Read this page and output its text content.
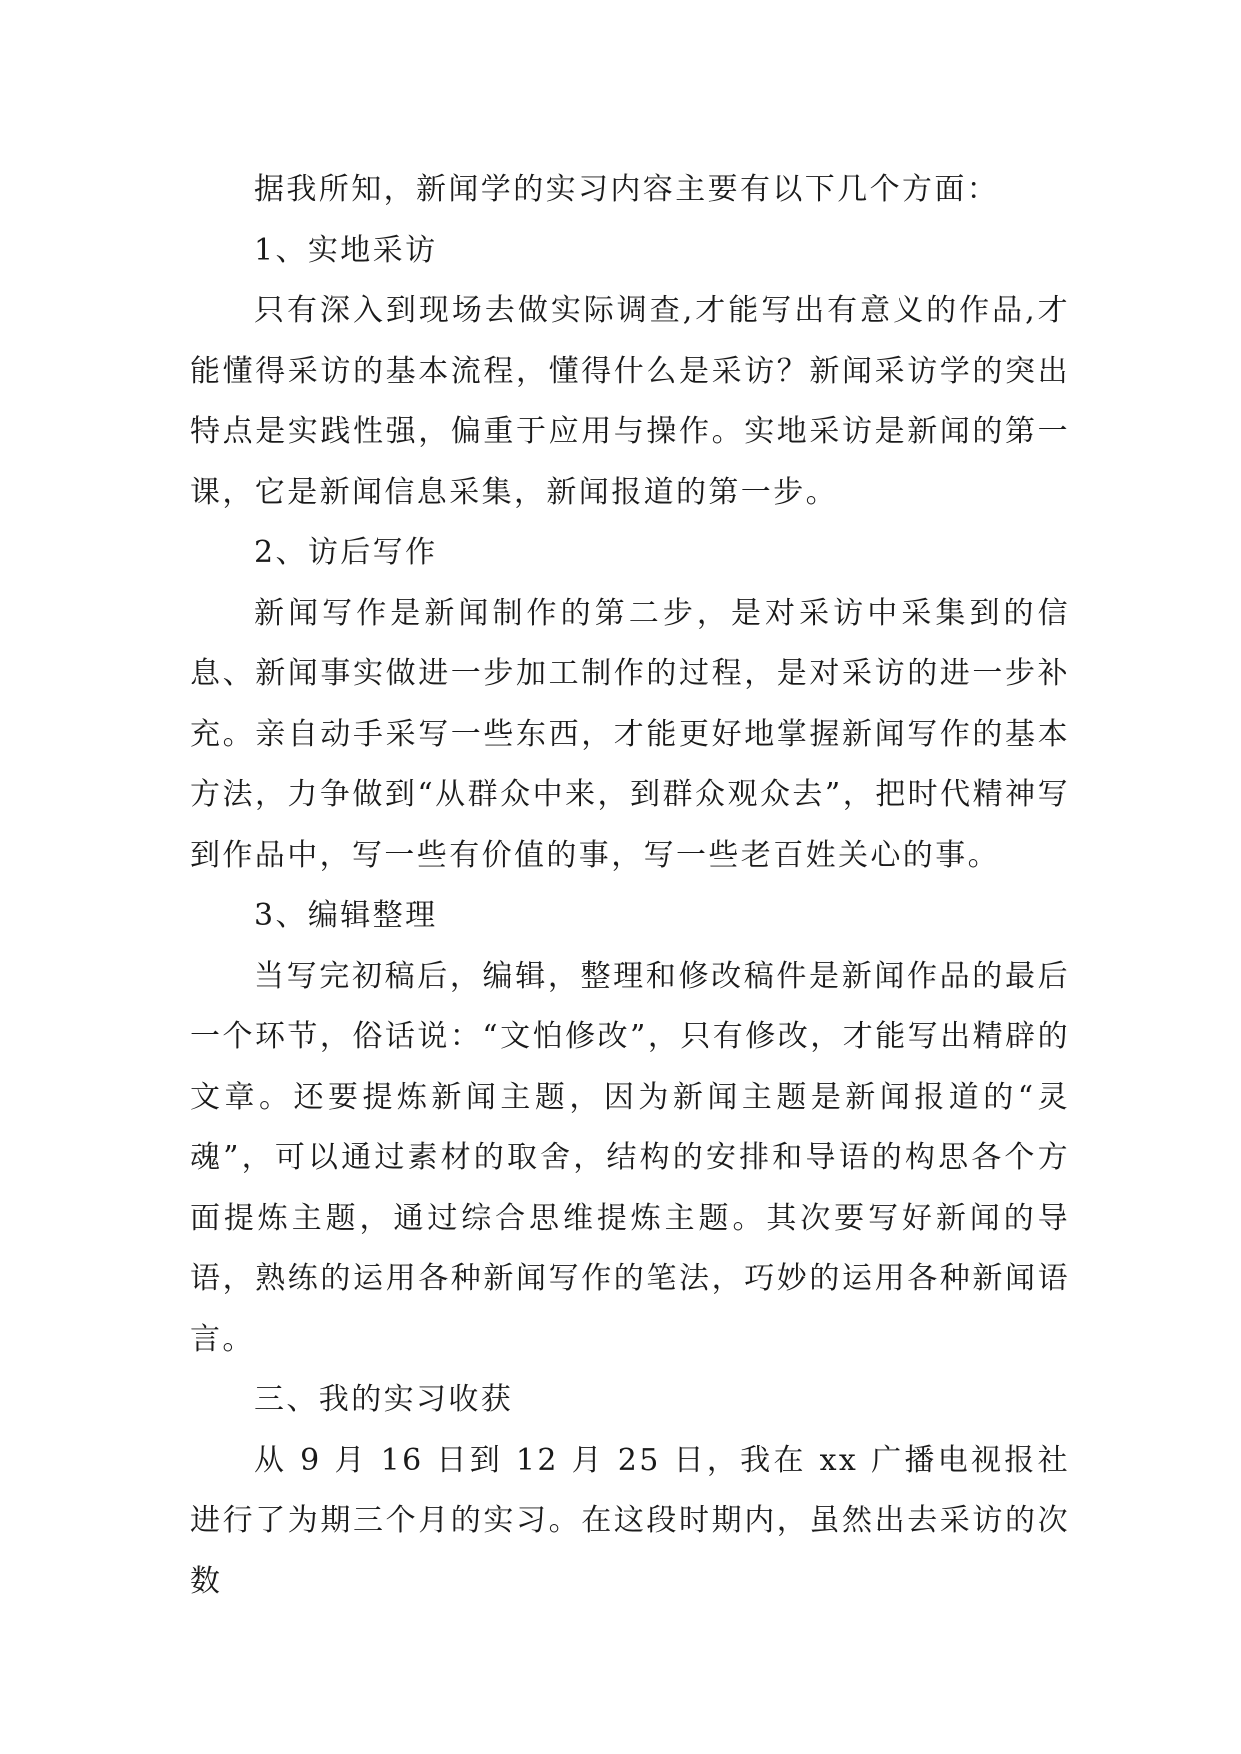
据我所知，新闻学的实习内容主要有以下几个方面：

1、实地采访

只有深入到现场去做实际调查,才能写出有意义的作品,才能懂得采访的基本流程，懂得什么是采访？新闻采访学的突出特点是实践性强，偏重于应用与操作。实地采访是新闻的第一课，它是新闻信息采集，新闻报道的第一步。

2、访后写作

新闻写作是新闻制作的第二步，是对采访中采集到的信息、新闻事实做进一步加工制作的过程，是对采访的进一步补充。亲自动手采写一些东西，才能更好地掌握新闻写作的基本方法，力争做到“从群众中来，到群众观众去”，把时代精神写到作品中，写一些有价值的事，写一些老百姓关心的事。

3、编辑整理

当写完初稿后，编辑，整理和修改稿件是新闻作品的最后一个环节，俗话说：“文怕修改”，只有修改，才能写出精辟的文章。还要提炼新闻主题，因为新闻主题是新闻报道的“灵魂”，可以通过素材的取舍，结构的安排和导语的构思各个方面提炼主题，通过综合思维提炼主题。其次要写好新闻的导语，熟练的运用各种新闻写作的笔法，巧妙的运用各种新闻语言。

三、我的实习收获

从 9 月 16 日到 12 月 25 日，我在 xx 广播电视报社进行了为期三个月的实习。在这段时期内，虽然出去采访的次数
